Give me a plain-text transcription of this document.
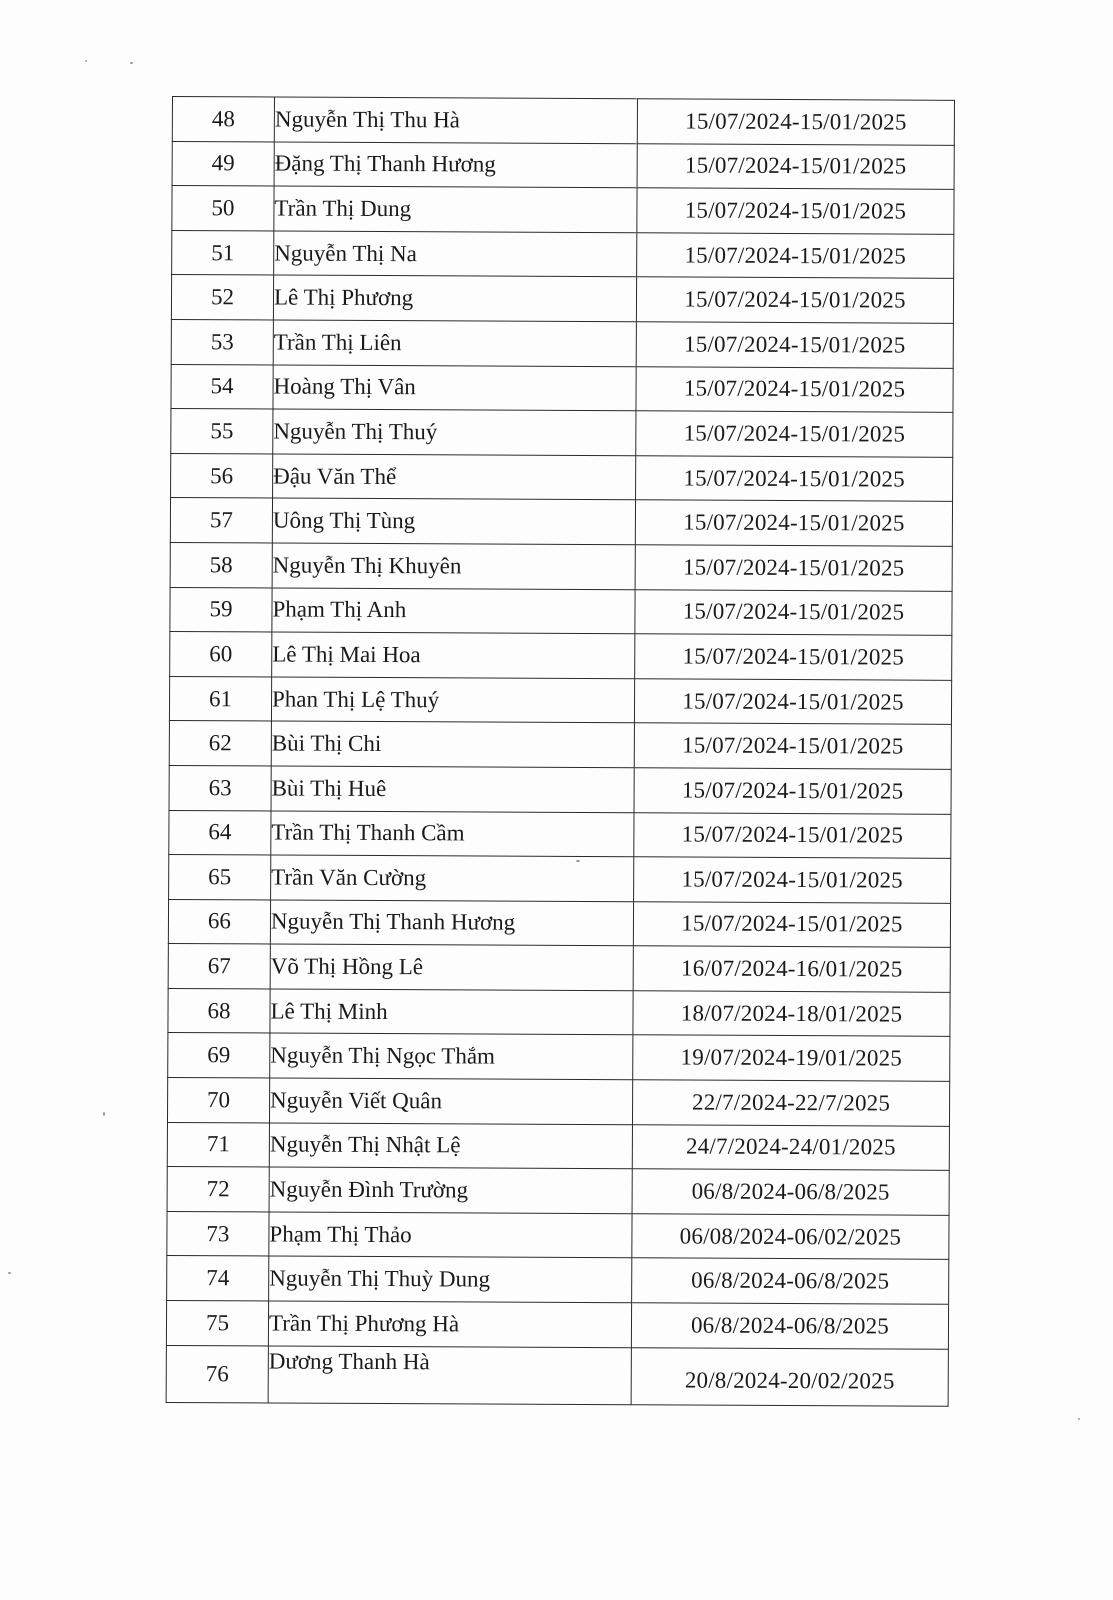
48	Nguyễn Thị Thu Hà	15/07/2024-15/01/2025
49	Đặng Thị Thanh Hương	15/07/2024-15/01/2025
50	Trần Thị Dung	15/07/2024-15/01/2025
51	Nguyễn Thị Na	15/07/2024-15/01/2025
52	Lê Thị Phương	15/07/2024-15/01/2025
53	Trần Thị Liên	15/07/2024-15/01/2025
54	Hoàng Thị Vân	15/07/2024-15/01/2025
55	Nguyễn Thị Thuý	15/07/2024-15/01/2025
56	Đậu Văn Thể	15/07/2024-15/01/2025
57	Uông Thị Tùng	15/07/2024-15/01/2025
58	Nguyễn Thị Khuyên	15/07/2024-15/01/2025
59	Phạm Thị Anh	15/07/2024-15/01/2025
60	Lê Thị Mai Hoa	15/07/2024-15/01/2025
61	Phan Thị Lệ Thuý	15/07/2024-15/01/2025
62	Bùi Thị Chi	15/07/2024-15/01/2025
63	Bùi Thị Huê	15/07/2024-15/01/2025
64	Trần Thị Thanh Cầm	15/07/2024-15/01/2025
65	Trần Văn Cường	15/07/2024-15/01/2025
66	Nguyễn Thị Thanh Hương	15/07/2024-15/01/2025
67	Võ Thị Hồng Lê	16/07/2024-16/01/2025
68	Lê Thị Minh	18/07/2024-18/01/2025
69	Nguyễn Thị Ngọc Thắm	19/07/2024-19/01/2025
70	Nguyễn Viết Quân	22/7/2024-22/7/2025
71	Nguyễn Thị Nhật Lệ	24/7/2024-24/01/2025
72	Nguyễn Đình Trường	06/8/2024-06/8/2025
73	Phạm Thị Thảo	06/08/2024-06/02/2025
74	Nguyễn Thị Thuỳ Dung	06/8/2024-06/8/2025
75	Trần Thị Phương Hà	06/8/2024-06/8/2025
76	Dương Thanh Hà	20/8/2024-20/02/2025
